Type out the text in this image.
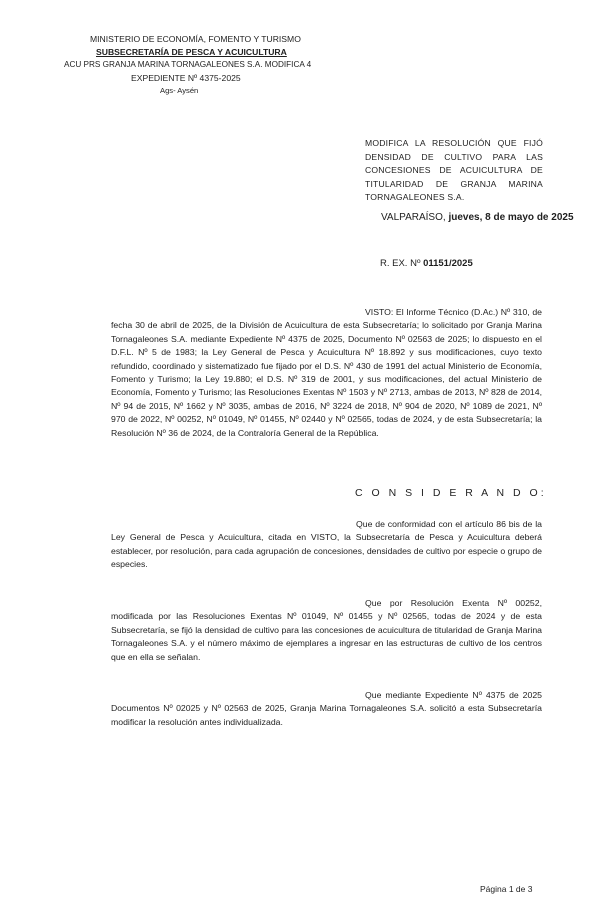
MINISTERIO DE ECONOMÍA, FOMENTO Y TURISMO
SUBSECRETARÍA DE PESCA Y ACUICULTURA
ACU PRS GRANJA MARINA TORNAGALEONES S.A. MODIFICA 4
EXPEDIENTE Nº 4375-2025
Ags- Aysén
MODIFICA LA RESOLUCIÓN QUE FIJÓ DENSIDAD DE CULTIVO PARA LAS CONCESIONES DE ACUICULTURA DE TITULARIDAD DE GRANJA MARINA TORNAGALEONES S.A.
VALPARAÍSO, jueves, 8 de mayo de 2025
R. EX. Nº 01151/2025
VISTO: El Informe Técnico (D.Ac.) Nº 310, de fecha 30 de abril de 2025, de la División de Acuicultura de esta Subsecretaría; lo solicitado por Granja Marina Tornagaleones S.A. mediante Expediente Nº 4375 de 2025, Documento Nº 02563 de 2025; lo dispuesto en el D.F.L. Nº 5 de 1983; la Ley General de Pesca y Acuicultura Nº 18.892 y sus modificaciones, cuyo texto refundido, coordinado y sistematizado fue fijado por el D.S. Nº 430 de 1991 del actual Ministerio de Economía, Fomento y Turismo; la Ley 19.880; el D.S. Nº 319 de 2001, y sus modificaciones, del actual Ministerio de Economía, Fomento y Turismo; las Resoluciones Exentas Nº 1503 y Nº 2713, ambas de 2013, Nº 828 de 2014, Nº 94 de 2015, Nº 1662 y Nº 3035, ambas de 2016, Nº 3224 de 2018, Nº 904 de 2020, Nº 1089 de 2021, Nº 970 de 2022, Nº 00252, Nº 01049, Nº 01455, Nº 02440 y Nº 02565, todas de 2024, y de esta Subsecretaría; la Resolución Nº 36 de 2024, de la Contraloría General de la República.
C O N S I D E R A N D O:
Que de conformidad con el artículo 86 bis de la Ley General de Pesca y Acuicultura, citada en VISTO, la Subsecretaría de Pesca y Acuicultura deberá establecer, por resolución, para cada agrupación de concesiones, densidades de cultivo por especie o grupo de especies.
Que por Resolución Exenta Nº 00252, modificada por las Resoluciones Exentas Nº 01049, Nº 01455 y Nº 02565, todas de 2024 y de esta Subsecretaría, se fijó la densidad de cultivo para las concesiones de acuicultura de titularidad de Granja Marina Tornagaleones S.A. y el número máximo de ejemplares a ingresar en las estructuras de cultivo de los centros que en ella se señalan.
Que mediante Expediente Nº 4375 de 2025 Documentos Nº 02025 y Nº 02563 de 2025, Granja Marina Tornagaleones S.A. solicitó a esta Subsecretaría modificar la resolución antes individualizada.
Página 1 de 3
